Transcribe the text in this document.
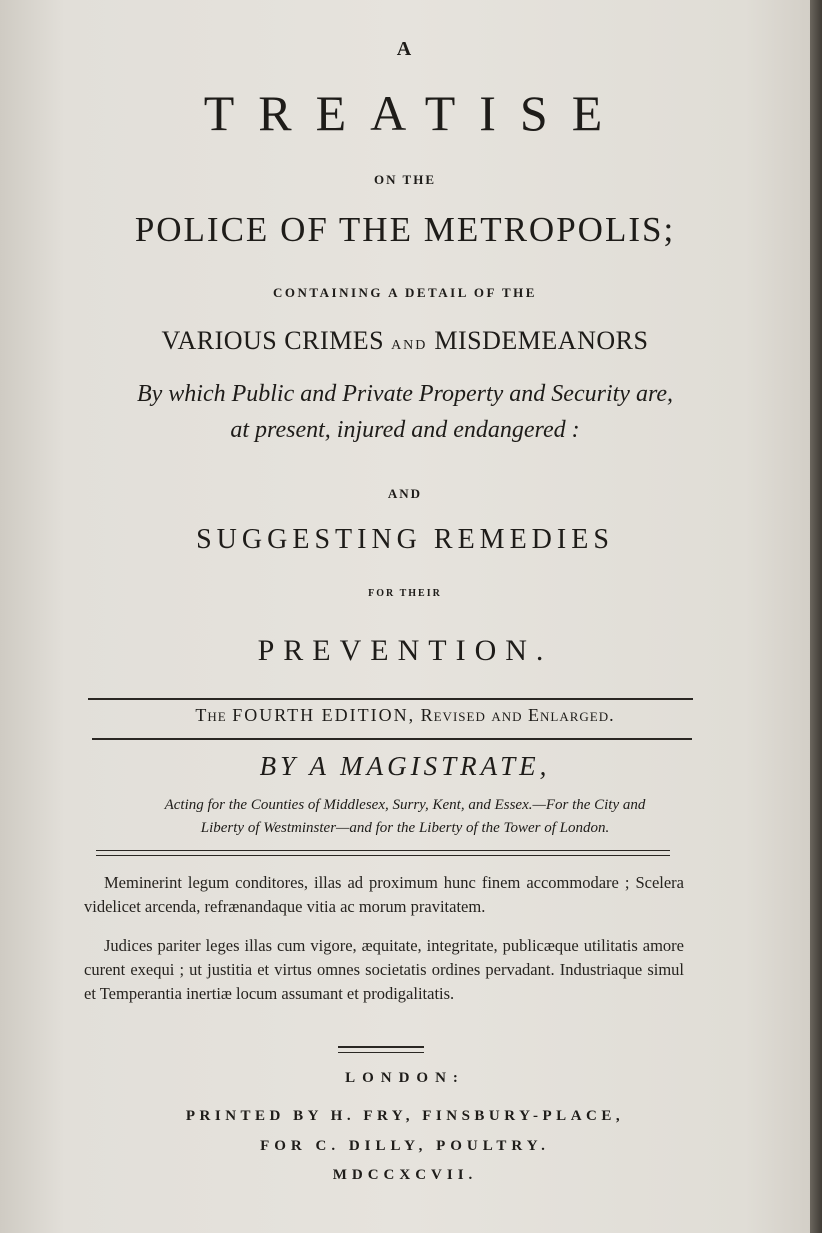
A
TREATISE
ON THE
POLICE OF THE METROPOLIS;
CONTAINING A DETAIL OF THE
VARIOUS CRIMES AND MISDEMEANORS
By which Public and Private Property and Security are,
at present, injured and endangered :
AND
SUGGESTING REMEDIES
FOR THEIR
PREVENTION.
The FOURTH EDITION, Revised and Enlarged.
BY A MAGISTRATE,
Acting for the Counties of Middlesex, Surry, Kent, and Essex.—For the City and
Liberty of Westminster—and for the Liberty of the Tower of London.
Meminerint legum conditores, illas ad proximum hunc finem accommodare ; Scelera videlicet arcenda, refrænandaque vitia ac morum pravitatem.
Judices pariter leges illas cum vigore, æquitate, integritate, publicæque utilitatis amore curent exequi ; ut justitia et virtus omnes societatis ordines pervadant. Industriaque simul et Temperantia inertiæ locum assumant et prodigalitatis.
LONDON:
PRINTED BY H. FRY, FINSBURY-PLACE,
FOR C. DILLY, POULTRY.
MDCCXCVII.
